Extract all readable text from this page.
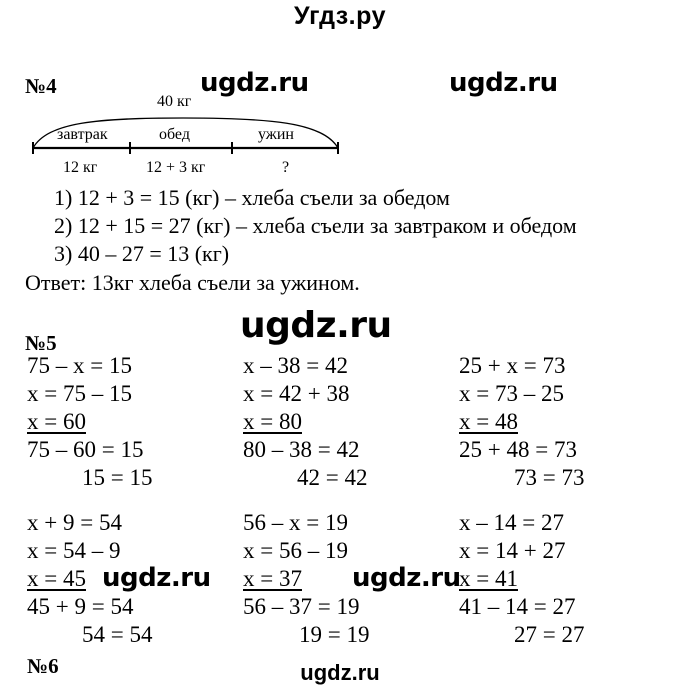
Угдз.ру
№4	ugdz.ru	ugdz.ru
40 кг
завтрак	обед	ужин
12 кг	12 + 3 кг	?
1) 12 + 3 = 15 (кг) – хлеба съели за обедом
2) 12 + 15 = 27 (кг) – хлеба съели за завтраком и обедом
3) 40 – 27 = 13 (кг)
Ответ: 13кг хлеба съели за ужином.
№5	ugdz.ru
75 – x = 15
x = 75 – 15
x = 60
75 – 60 = 15
15 = 15
x – 38 = 42
x = 42 + 38
x = 80
80 – 38 = 42
42 = 42
25 + x = 73
x = 73 – 25
x = 48
25 + 48 = 73
73 = 73
x + 9 = 54
x = 54 – 9
x = 45
45 + 9 = 54
54 = 54
56 – x = 19
x = 56 – 19
x = 37
56 – 37 = 19
19 = 19
x – 14 = 27
x = 14 + 27
x = 41
41 – 14 = 27
27 = 27
ugdz.ru	ugdz.ru
№6	ugdz.ru
